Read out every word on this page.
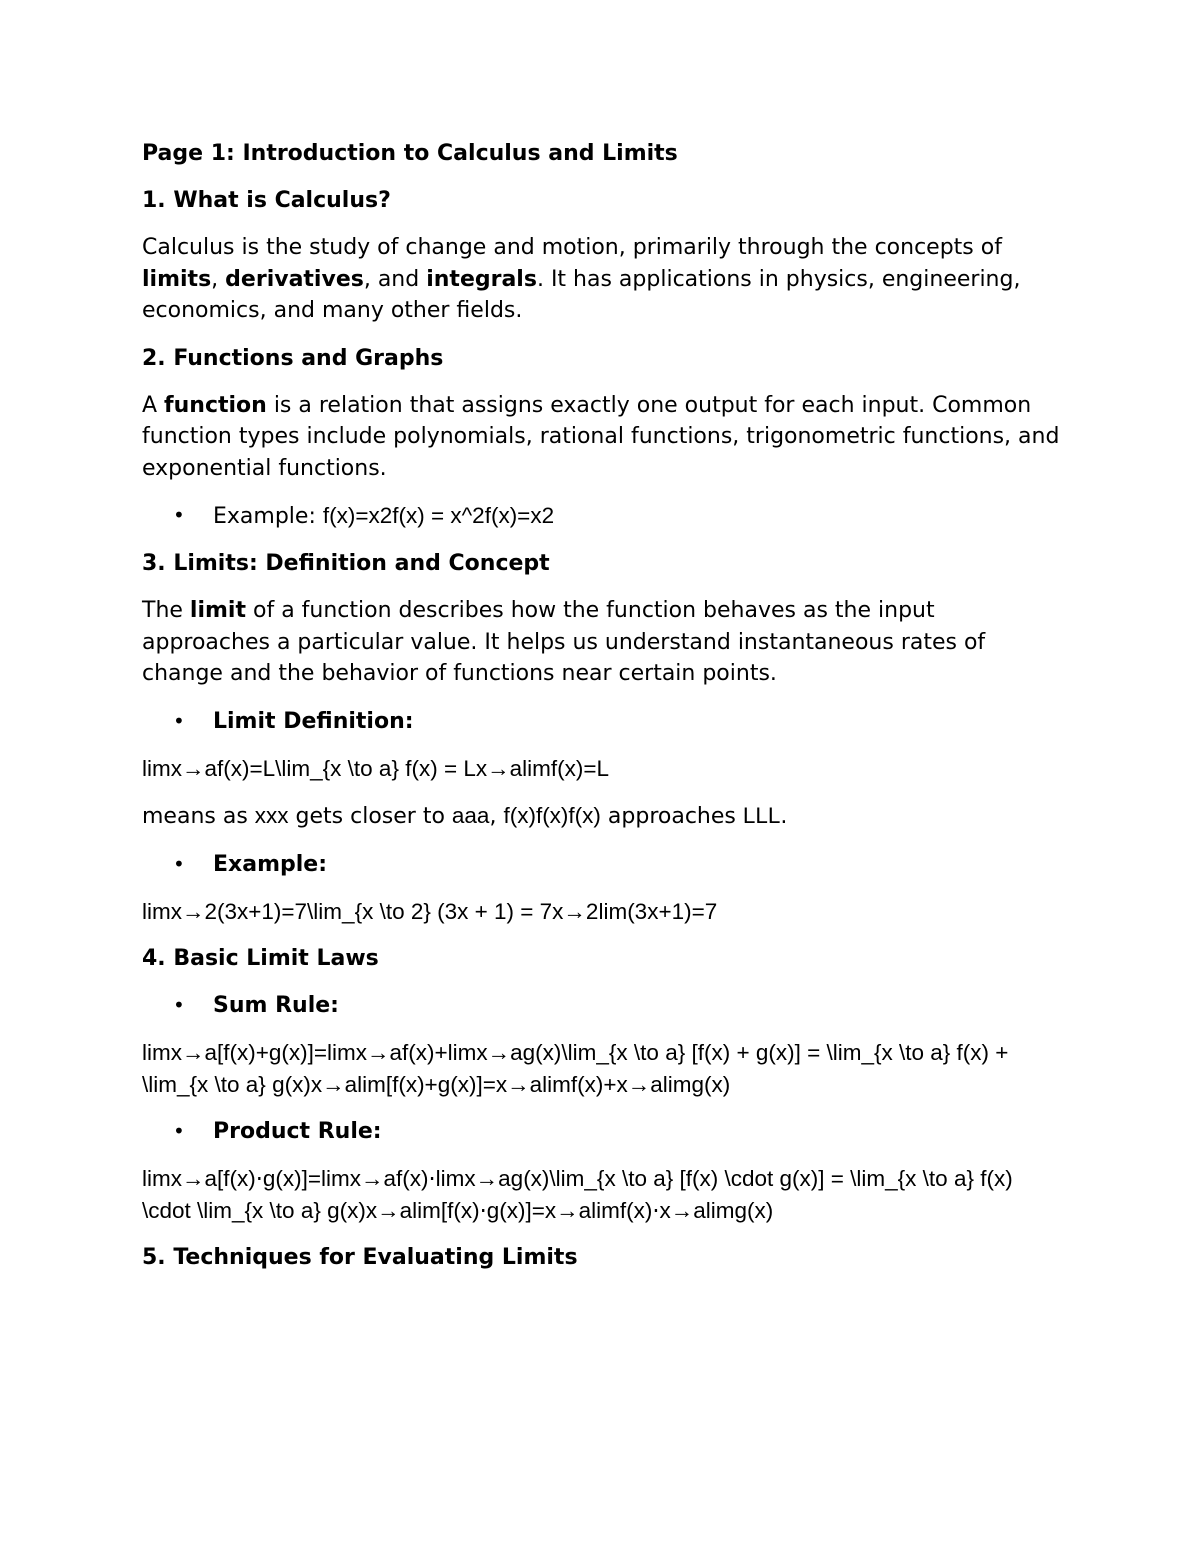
Page 1: Introduction to Calculus and Limits
1. What is Calculus?
Calculus is the study of change and motion, primarily through the concepts of limits, derivatives, and integrals. It has applications in physics, engineering, economics, and many other fields.
2. Functions and Graphs
A function is a relation that assigns exactly one output for each input. Common function types include polynomials, rational functions, trigonometric functions, and exponential functions.
• Example: f(x)=x2f(x) = x^2f(x)=x2
3. Limits: Definition and Concept
The limit of a function describes how the function behaves as the input approaches a particular value. It helps us understand instantaneous rates of change and the behavior of functions near certain points.
• Limit Definition:
limx→af(x)=L\lim_{x \to a} f(x) = Lx→alimf(x)=L
means as xxx gets closer to aaa, f(x)f(x)f(x) approaches LLL.
• Example:
limx→2(3x+1)=7\lim_{x \to 2} (3x + 1) = 7x→2lim(3x+1)=7
4. Basic Limit Laws
• Sum Rule:
limx→a[f(x)+g(x)]=limx→af(x)+limx→ag(x)\lim_{x \to a} [f(x) + g(x)] = \lim_{x \to a} f(x) + \lim_{x \to a} g(x)x→alim[f(x)+g(x)]=x→alimf(x)+x→alimg(x)
• Product Rule:
limx→a[f(x)⋅g(x)]=limx→af(x)⋅limx→ag(x)\lim_{x \to a} [f(x) \cdot g(x)] = \lim_{x \to a} f(x) \cdot \lim_{x \to a} g(x)x→alim[f(x)⋅g(x)]=x→alimf(x)⋅x→alimg(x)
5. Techniques for Evaluating Limits
